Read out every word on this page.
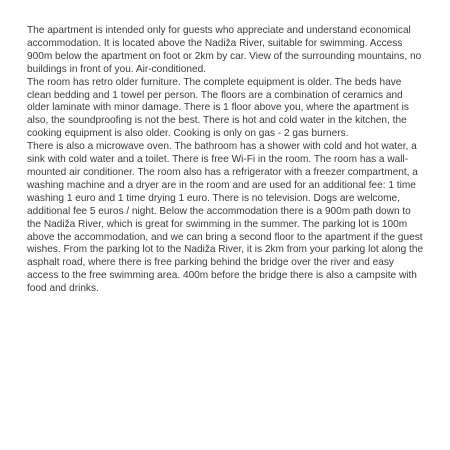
The apartment is intended only for guests who appreciate and understand economical accommodation. It is located above the Nadiža River, suitable for swimming. Access 900m below the apartment on foot or 2km by car. View of the surrounding mountains, no buildings in front of you. Air-conditioned.

The room has retro older furniture. The complete equipment is older. The beds have clean bedding and 1 towel per person. The floors are a combination of ceramics and older laminate with minor damage. There is 1 floor above you, where the apartment is also, the soundproofing is not the best. There is hot and cold water in the kitchen, the cooking equipment is also older. Cooking is only on gas - 2 gas burners.

There is also a microwave oven. The bathroom has a shower with cold and hot water, a sink with cold water and a toilet. There is free Wi-Fi in the room. The room has a wall-mounted air conditioner. The room also has a refrigerator with a freezer compartment, a washing machine and a dryer are in the room and are used for an additional fee: 1 time washing 1 euro and 1 time drying 1 euro. There is no television. Dogs are welcome, additional fee 5 euros / night. Below the accommodation there is a 900m path down to the Nadiža River, which is great for swimming in the summer. The parking lot is 100m above the accommodation, and we can bring a second floor to the apartment if the guest wishes. From the parking lot to the Nadiža River, it is 2km from your parking lot along the asphalt road, where there is free parking behind the bridge over the river and easy access to the free swimming area. 400m before the bridge there is also a campsite with food and drinks.
